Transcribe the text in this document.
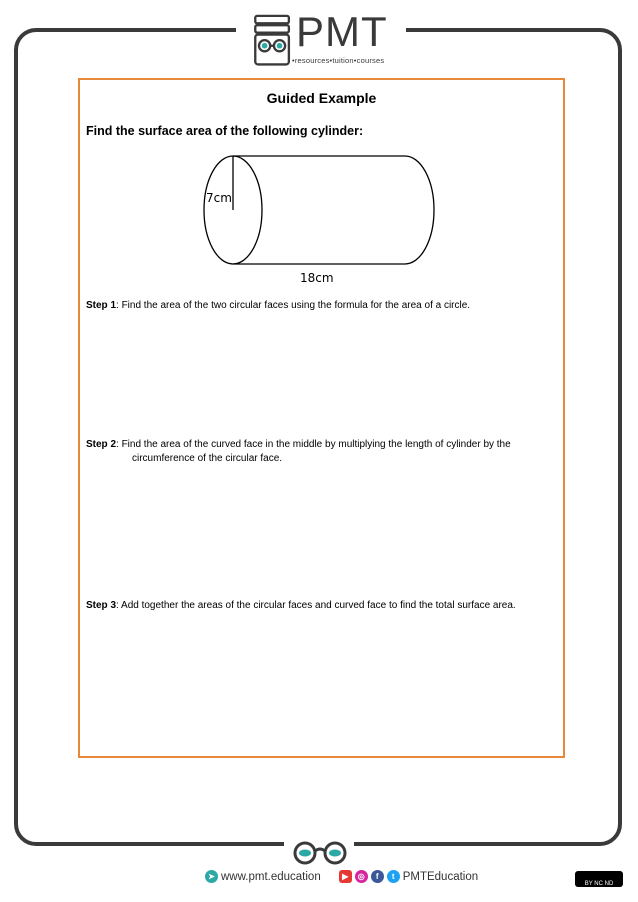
PMT
•resources•tuition•courses
Guided Example
Find the surface area of the following cylinder:
Step 1: Find the area of the two circular faces using the formula for the area of a circle.
Step 2: Find the area of the curved face in the middle by multiplying the length of cylinder by the
circumference of the circular face.
Step 3: Add together the areas of the circular faces and curved face to find the total surface area.
7cm
18cm
➤ www.pmt.education	▶	◎	f	t PMTEducation
BY NC ND
